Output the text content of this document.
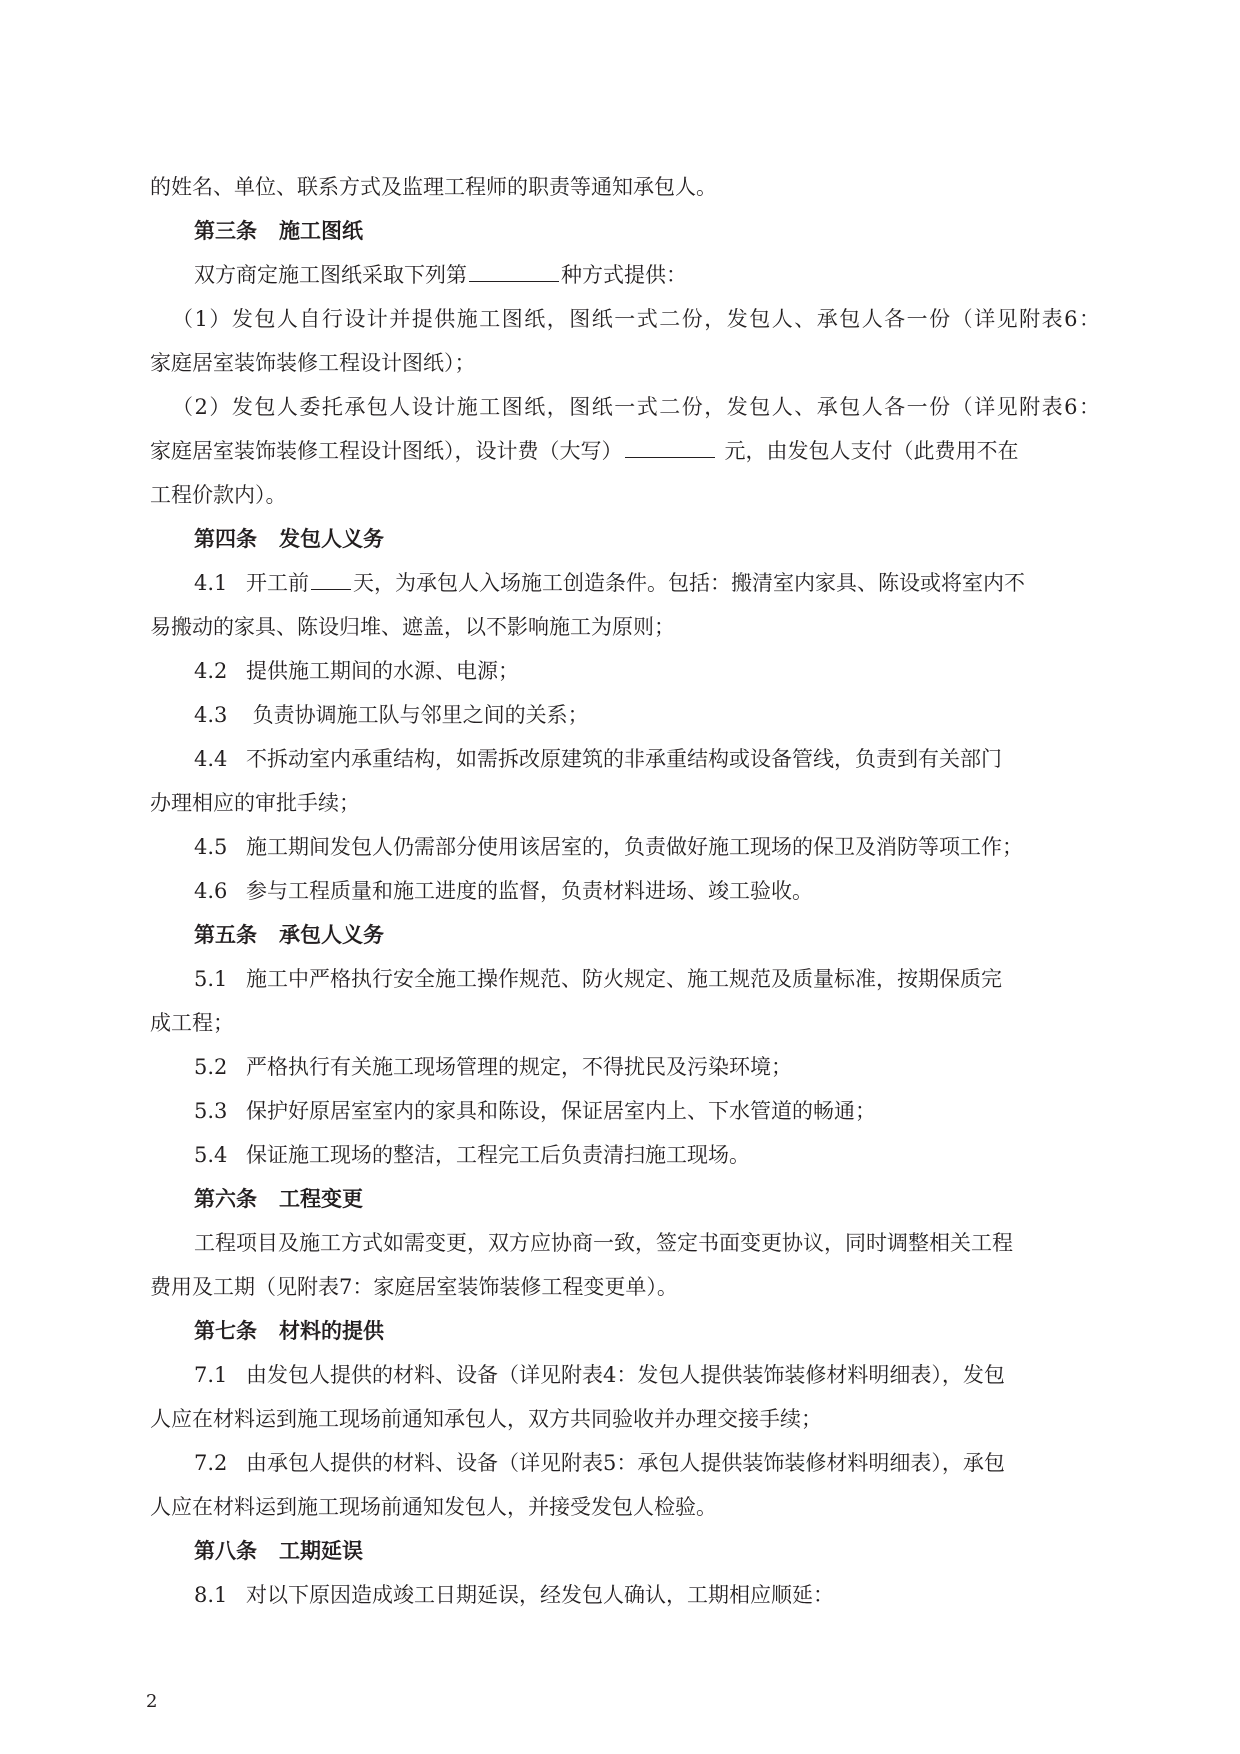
的姓名、单位、联系方式及监理工程师的职责等通知承包人。
第三条 施工图纸
双方商定施工图纸采取下列第	种方式提供：
（1）发包人自行设计并提供施工图纸，图纸一式二份，发包人、承包人各一份（详见附表6：
家庭居室装饰装修工程设计图纸）；
（2）发包人委托承包人设计施工图纸，图纸一式二份，发包人、承包人各一份（详见附表6：
家庭居室装饰装修工程设计图纸），设计费（大写）	元，由发包人支付（此费用不在
工程价款内）。
第四条 发包人义务
4.1 开工前 天，为承包人入场施工创造条件。包括：搬清室内家具、陈设或将室内不
易搬动的家具、陈设归堆、遮盖，以不影响施工为原则；
4.2 提供施工期间的水源、电源；
4.3 负责协调施工队与邻里之间的关系；
4.4 不拆动室内承重结构，如需拆改原建筑的非承重结构或设备管线，负责到有关部门
办理相应的审批手续；
4.5 施工期间发包人仍需部分使用该居室的，负责做好施工现场的保卫及消防等项工作；
4.6 参与工程质量和施工进度的监督，负责材料进场、竣工验收。
第五条 承包人义务
5.1 施工中严格执行安全施工操作规范、防火规定、施工规范及质量标准，按期保质完
成工程；
5.2 严格执行有关施工现场管理的规定，不得扰民及污染环境；
5.3 保护好原居室室内的家具和陈设，保证居室内上、下水管道的畅通；
5.4 保证施工现场的整洁，工程完工后负责清扫施工现场。
第六条 工程变更
工程项目及施工方式如需变更，双方应协商一致，签定书面变更协议，同时调整相关工程
费用及工期（见附表7：家庭居室装饰装修工程变更单）。
第七条 材料的提供
7.1 由发包人提供的材料、设备（详见附表4：发包人提供装饰装修材料明细表），发包
人应在材料运到施工现场前通知承包人，双方共同验收并办理交接手续；
7.2 由承包人提供的材料、设备（详见附表5：承包人提供装饰装修材料明细表），承包
人应在材料运到施工现场前通知发包人，并接受发包人检验。
第八条 工期延误
8.1 对以下原因造成竣工日期延误，经发包人确认，工期相应顺延：
2
